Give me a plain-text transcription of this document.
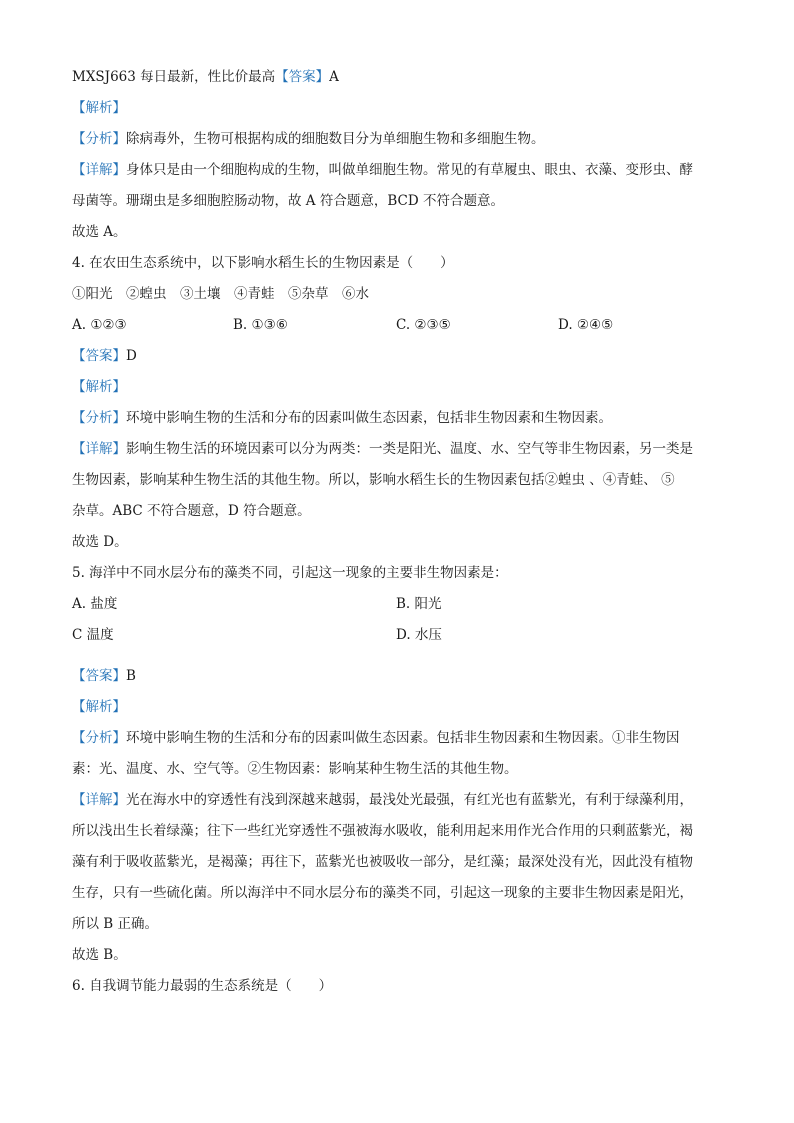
MXSJ663 每日最新，性比价最高【答案】A
【解析】
【分析】除病毒外，生物可根据构成的细胞数目分为单细胞生物和多细胞生物。
【详解】身体只是由一个细胞构成的生物，叫做单细胞生物。常见的有草履虫、眼虫、衣藻、变形虫、酵
母菌等。珊瑚虫是多细胞腔肠动物，故 A 符合题意，BCD 不符合题意。
故选 A。
4. 在农田生态系统中，以下影响水稻生长的生物因素是（　　）
①阳光　②蝗虫　③土壤　④青蛙　⑤杂草　⑥水
A. ①②③	B. ①③⑥	C. ②③⑤	D. ②④⑤
【答案】D
【解析】
【分析】环境中影响生物的生活和分布的因素叫做生态因素，包括非生物因素和生物因素。
【详解】影响生物生活的环境因素可以分为两类：一类是阳光、温度、水、空气等非生物因素，另一类是
生物因素，影响某种生物生活的其他生物。所以，影响水稻生长的生物因素包括②蝗虫 、④青蛙、 ⑤
杂草。ABC 不符合题意，D 符合题意。
故选 D。
5. 海洋中不同水层分布的藻类不同，引起这一现象的主要非生物因素是：
A. 盐度	B. 阳光
C 温度	D. 水压
【答案】B
【解析】
【分析】环境中影响生物的生活和分布的因素叫做生态因素。包括非生物因素和生物因素。①非生物因
素：光、温度、水、空气等。②生物因素：影响某种生物生活的其他生物。
【详解】光在海水中的穿透性有浅到深越来越弱，最浅处光最强，有红光也有蓝紫光，有利于绿藻利用，
所以浅出生长着绿藻；往下一些红光穿透性不强被海水吸收，能利用起来用作光合作用的只剩蓝紫光，褐
藻有利于吸收蓝紫光，是褐藻；再往下，蓝紫光也被吸收一部分，是红藻；最深处没有光，因此没有植物
生存，只有一些硫化菌。所以海洋中不同水层分布的藻类不同，引起这一现象的主要非生物因素是阳光，
所以 B 正确。
故选 B。
6. 自我调节能力最弱的生态系统是（　　）
